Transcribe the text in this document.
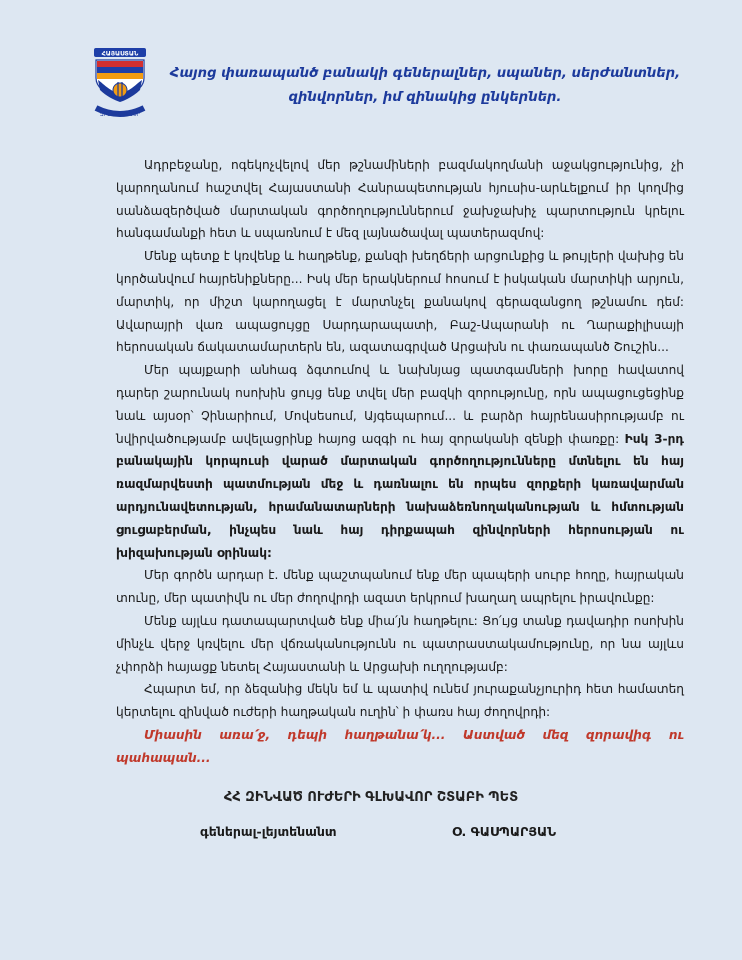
ՀԱՅԱՍՏԱՆ
ԶԻՆՎԱԾ ՈՒԺԵՐ
Հայոց փառապանծ բանակի գեներալներ, սպաներ, սերժանտներ,
զինվորներ, իմ զինակից ընկերներ.

Ադրբեջանը, ոգեկոչվելով մեր թշնամիների բազմակողմանի աջակցությունից, չի կարողանում հաշտվել Հայաստանի Հանրապետության հյուսիս-արևելքում իր կողմից սանձազերծված մարտական գործողություններում ջախջախիչ պարտություն կրելու հանգամանքի հետ և սպառնում է մեզ լայնածավալ պատերազմով:

Մենք պետք է կռվենք և հաղթենք, քանզի խեղճերի արցունքից և թույլերի վախից են կործանվում հայրենիքները... Իսկ մեր երակներում հոսում է իսկական մարտիկի արյուն, մարտիկ, որ միշտ կարողացել է մարտնչել քանակով գերազանցող թշնամու դեմ: Ավարայրի վառ ապացույցը Սարդարապատի, Բաշ-Ապարանի ու Ղարաքիլիսայի հերոսական ճակատամարտերն են, ազատագրված Արցախն ու փառապանծ Շուշին...

Մեր պայքարի անհագ ձգտումով և նախնյաց պատգամների խորը հավատով դարեր շարունակ ոսոխին ցույց ենք տվել մեր բազկի զորությունը, որն ապացուցեցինք նաև այսօր՝ Չինարիում, Մովսեսում, Այգեպարում... և բարձր հայրենասիրությամբ ու նվիրվածությամբ ավելացրինք հայոց ազգի ու հայ զորականի զենքի փառքը: Իսկ 3-րդ բանակային կորպուսի վարած մարտական գործողությունները մտնելու են հայ ռազմարվեստի պատմության մեջ և դառնալու են որպես զորքերի կառավարման արդյունավետության, հրամանատարների նախաձեռնողականության և հմտության ցուցաբերման, ինչպես նաև հայ դիրքապահ զինվորների հերոսության ու խիզախության օրինակ:

Մեր գործն արդար է. մենք պաշտպանում ենք մեր պապերի սուրբ հողը, հայրական տունը, մեր պատիվն ու մեր ժողովրդի ազատ երկրում խաղաղ ապրելու իրավունքը:

Մենք այլևս դատապարտված ենք միա՛յն հաղթելու: Ցո՛ւյց տանք դավադիր ոսոխին մինչև վերջ կռվելու մեր վճռականությունն ու պատրաստակամությունը, որ նա այլևս չփորձի հայացք նետել Հայաստանի և Արցախի ուղղությամբ:

Հպարտ եմ, որ ձեզանից մեկն եմ և պատիվ ունեմ յուրաքանչյուրիդ հետ համատեղ կերտելու զինված ուժերի հաղթական ուղին՝ ի փառս հայ ժողովրդի:

Միասին առա՛ջ, դեպի հաղթանա՛կ... Աստված մեզ զորավիգ ու պահապան...

ՀՀ ԶԻՆՎԱԾ ՈՒԺԵՐԻ ԳԼԽԱՎՈՐ ՇՏԱԲԻ ՊԵՏ
գեներալ-լեյտենանտ	Օ. ԳԱՍՊԱՐՅԱՆ
